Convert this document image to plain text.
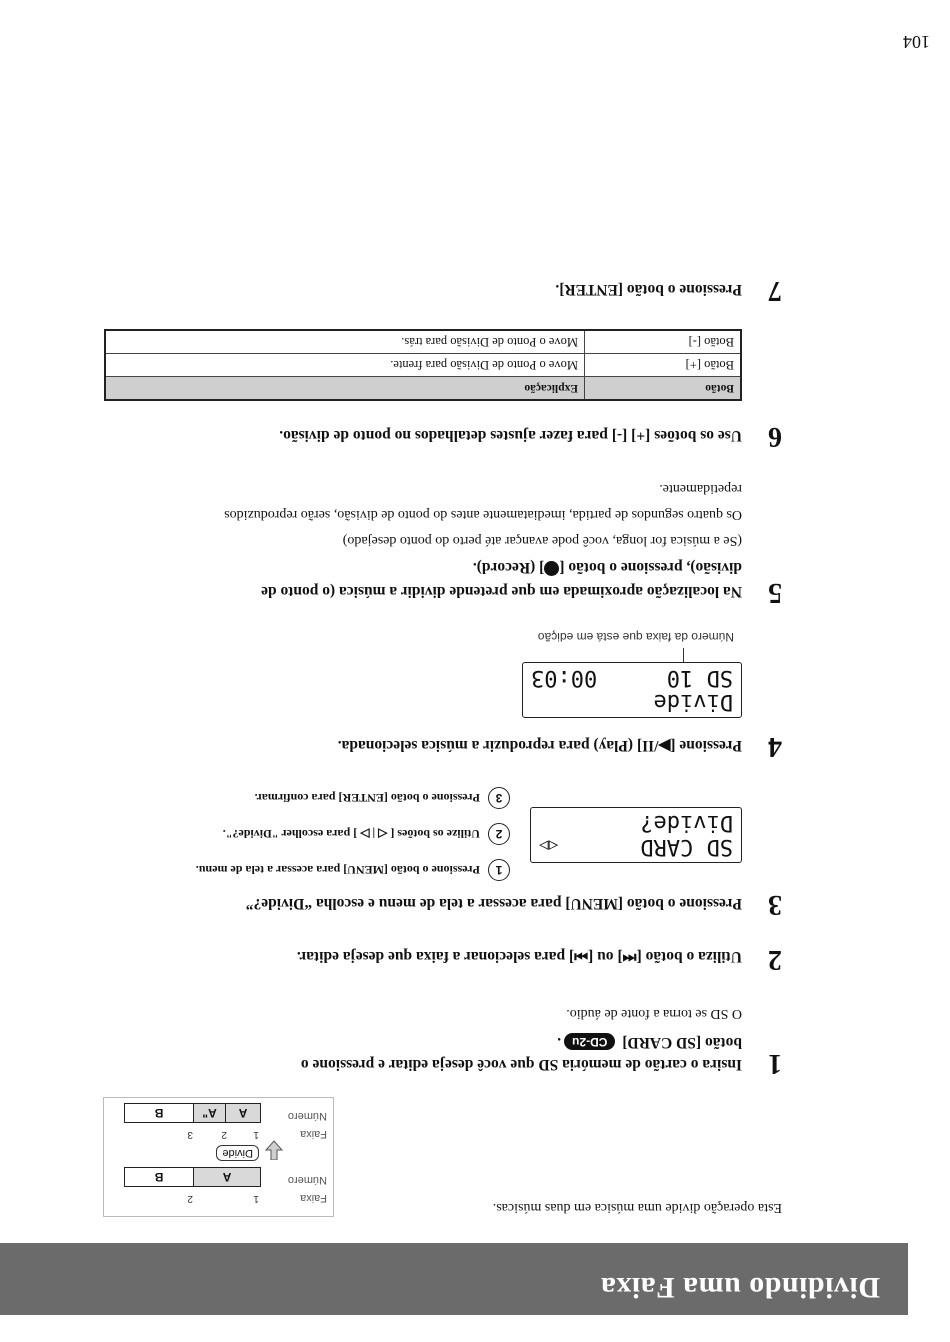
Dividindo uma Faixa
Esta operação divide uma música em duas músicas.
Faixa
Número
1
2
A
B
Divide
Faixa
Número
1
2
3
A
A"
B
1
Insira o cartão de memória SD que você deseja editar e pressione o
botão [SD CARD] CD-2u.
O SD se torna a fonte de áudio.
2
Utiliza o botão [⏮] ou [⏭] para selecionar a faixa que deseja editar.
3
Pressione o botão [MENU] para acessar a tela de menu e escolha “Divide?”
SD CARD
◁▷
Divide?
1
Pressione o botão [MENU] para acessar a tela de menu.
2
Utilize os botões [ ◁ | ▷ ] para escolher "Divide?".
3
Pressione o botão [ENTER] para confirmar.
4
Pressione [▶/II] (Play) para reproduzir a música selecionada.
Divide
SD 10
00:03
Número da faixa que está em edição
5
Na localização aproximada em que pretende dividir a música (o ponto de
divisão), pressione o botão [] (Record).
(Se a música for longa, você pode avançar até perto do ponto desejado)
Os quatro segundos de partida, imediatamente antes do ponto de divisão, serão reproduzidos
repetidamente.
6
Use os botões [+] [-] para fazer ajustes detalhados no ponto de divisão.
Botão	Explicação
Botão [+]	Move o Ponto de Divisão para frente.
Botão [-]	Move o Ponto de Divisão para trás.
7
Pressione o botão [ENTER].
104
